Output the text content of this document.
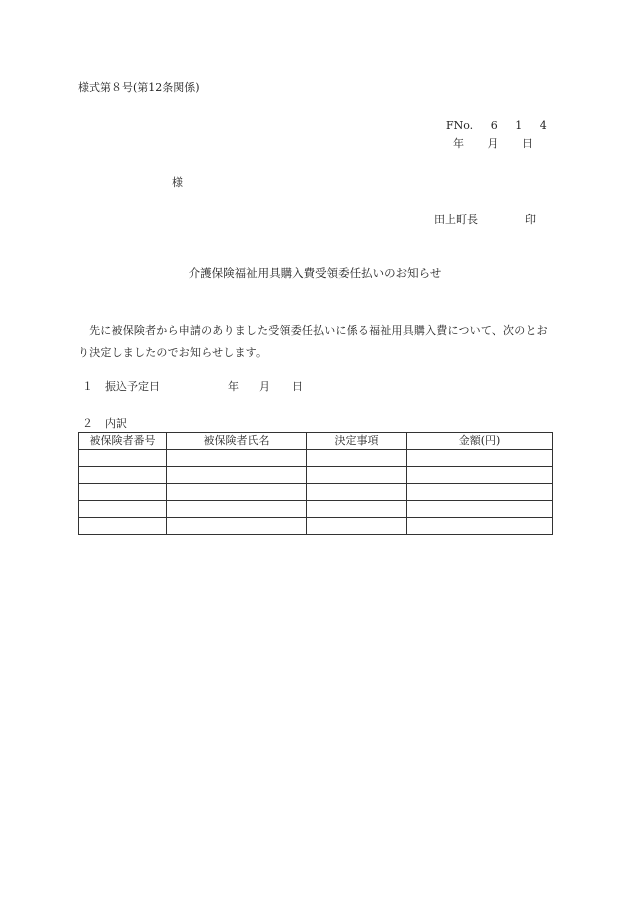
様式第８号(第12条関係)
FNo. 6 1 4
年 月 日
様
田上町長	印
介護保険福祉用具購入費受領委任払いのお知らせ
先に被保険者から申請のありました受領委任払いに係る福祉用具購入費について、次のとおり決定しましたのでお知らせします。
１ 振込予定日	年 月 日
２ 内訳
被保険者番号	被保険者氏名	決定事項	金額(円)
